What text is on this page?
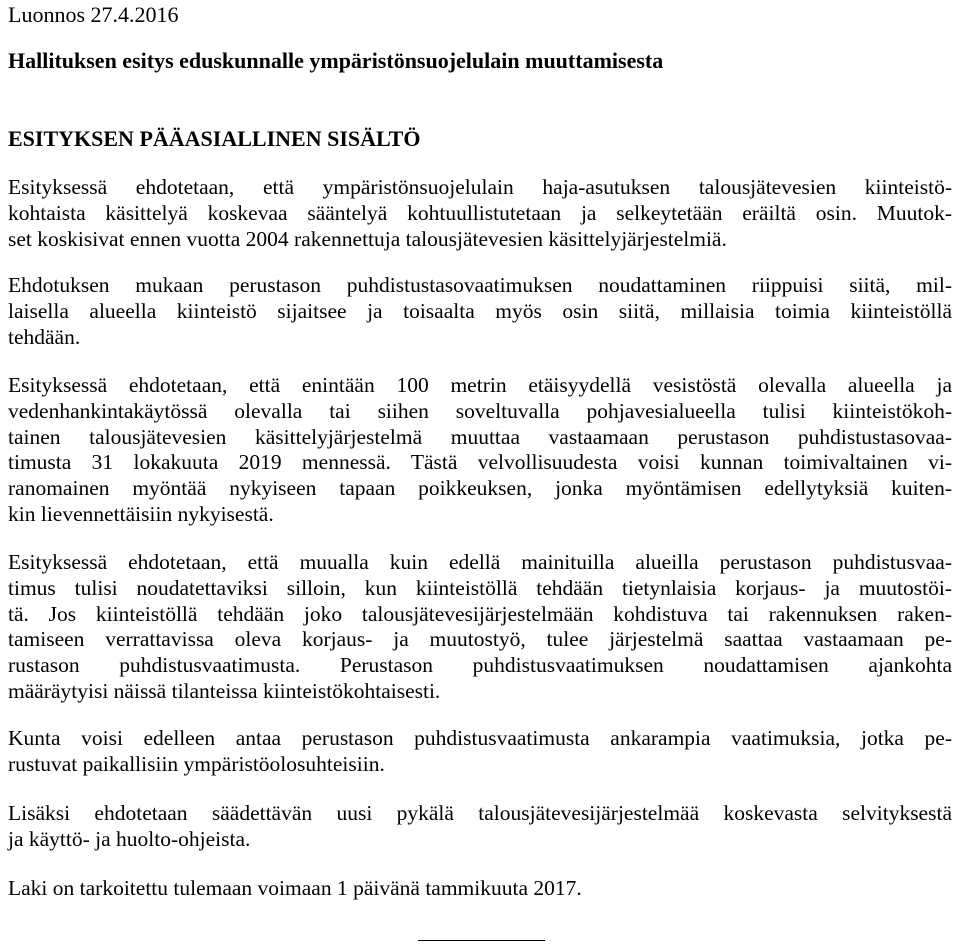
Luonnos 27.4.2016
Hallituksen esitys eduskunnalle ympäristönsuojelulain muuttamisesta
ESITYKSEN PÄÄASIALLINEN SISÄLTÖ

Esityksessä ehdotetaan, että ympäristönsuojelulain haja-asutuksen talousjätevesien kiinteistö-
kohtaista käsittelyä koskevaa sääntelyä kohtuullistutetaan ja selkeytetään eräiltä osin. Muutok-
set koskisivat ennen vuotta 2004 rakennettuja talousjätevesien käsittelyjärjestelmiä.

Ehdotuksen mukaan perustason puhdistustasovaatimuksen noudattaminen riippuisi siitä, mil-
laisella alueella kiinteistö sijaitsee ja toisaalta myös osin siitä, millaisia toimia kiinteistöllä
tehdään.

Esityksessä ehdotetaan, että enintään 100 metrin etäisyydellä vesistöstä olevalla alueella ja
vedenhankintakäytössä olevalla tai siihen soveltuvalla pohjavesialueella tulisi kiinteistökoh-
tainen talousjätevesien käsittelyjärjestelmä muuttaa vastaamaan perustason puhdistustasovaa-
timusta 31 lokakuuta 2019 mennessä. Tästä velvollisuudesta voisi kunnan toimivaltainen vi-
ranomainen myöntää nykyiseen tapaan poikkeuksen, jonka myöntämisen edellytyksiä kuiten-
kin lievennettäisiin nykyisestä.

Esityksessä ehdotetaan, että muualla kuin edellä mainituilla alueilla perustason puhdistusvaa-
timus tulisi noudatettaviksi silloin, kun kiinteistöllä tehdään tietynlaisia korjaus- ja muutostöi-
tä. Jos kiinteistöllä tehdään joko talousjätevesijärjestelmään kohdistuva tai rakennuksen raken-
tamiseen verrattavissa oleva korjaus- ja muutostyö, tulee järjestelmä saattaa vastaamaan pe-
rustason puhdistusvaatimusta. Perustason puhdistusvaatimuksen noudattamisen ajankohta
määräytyisi näissä tilanteissa kiinteistökohtaisesti.

Kunta voisi edelleen antaa perustason puhdistusvaatimusta ankarampia vaatimuksia, jotka pe-
rustuvat paikallisiin ympäristöolosuhteisiin.

Lisäksi ehdotetaan säädettävän uusi pykälä talousjätevesijärjestelmää koskevasta selvityksestä
ja käyttö- ja huolto-ohjeista.

Laki on tarkoitettu tulemaan voimaan 1 päivänä tammikuuta 2017.
